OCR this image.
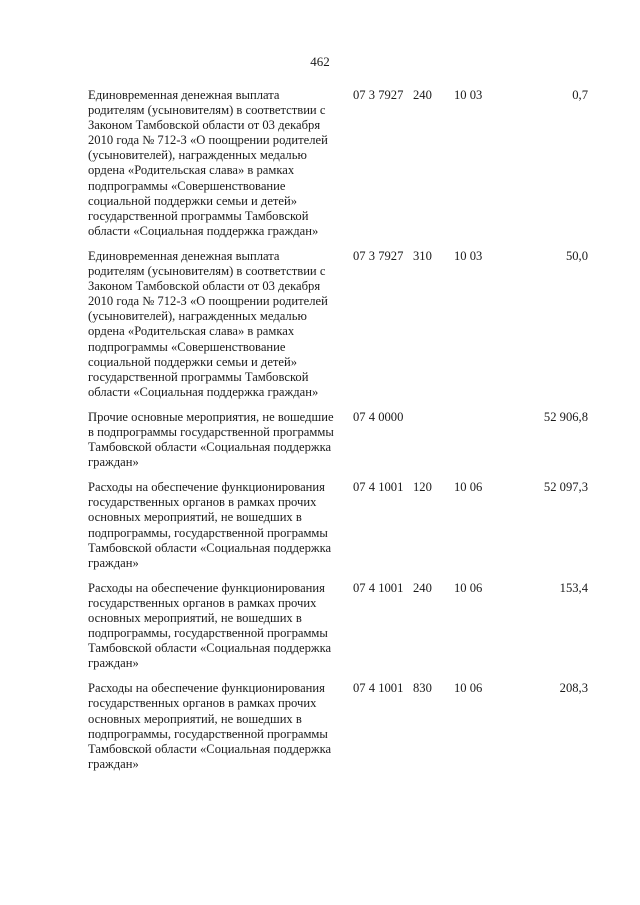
462
Единовременная денежная выплата родителям (усыновителям) в соответствии с Законом Тамбовской области от 03 декабря 2010 года № 712-З «О поощрении родителей (усыновителей), награжденных медалью ордена «Родительская слава» в рамках подпрограммы «Совершенствование социальной поддержки семьи и детей» государственной программы Тамбовской области «Социальная поддержка граждан»
07 3 7927 240 10 03	0,7
Единовременная денежная выплата родителям (усыновителям) в соответствии с Законом Тамбовской области от 03 декабря 2010 года № 712-З «О поощрении родителей (усыновителей), награжденных медалью ордена «Родительская слава» в рамках подпрограммы «Совершенствование социальной поддержки семьи и детей» государственной программы Тамбовской области «Социальная поддержка граждан»
07 3 7927 310 10 03	50,0
Прочие основные мероприятия, не вошедшие в подпрограммы государственной программы Тамбовской области «Социальная поддержка граждан»
07 4 0000	52 906,8
Расходы на обеспечение функционирования государственных органов в рамках прочих основных мероприятий, не вошедших в подпрограммы, государственной программы Тамбовской области «Социальная поддержка граждан»
07 4 1001 120 10 06	52 097,3
Расходы на обеспечение функционирования государственных органов в рамках прочих основных мероприятий, не вошедших в подпрограммы, государственной программы Тамбовской области «Социальная поддержка граждан»
07 4 1001 240 10 06	153,4
Расходы на обеспечение функционирования государственных органов в рамках прочих основных мероприятий, не вошедших в подпрограммы, государственной программы Тамбовской области «Социальная поддержка граждан»
07 4 1001 830 10 06	208,3
